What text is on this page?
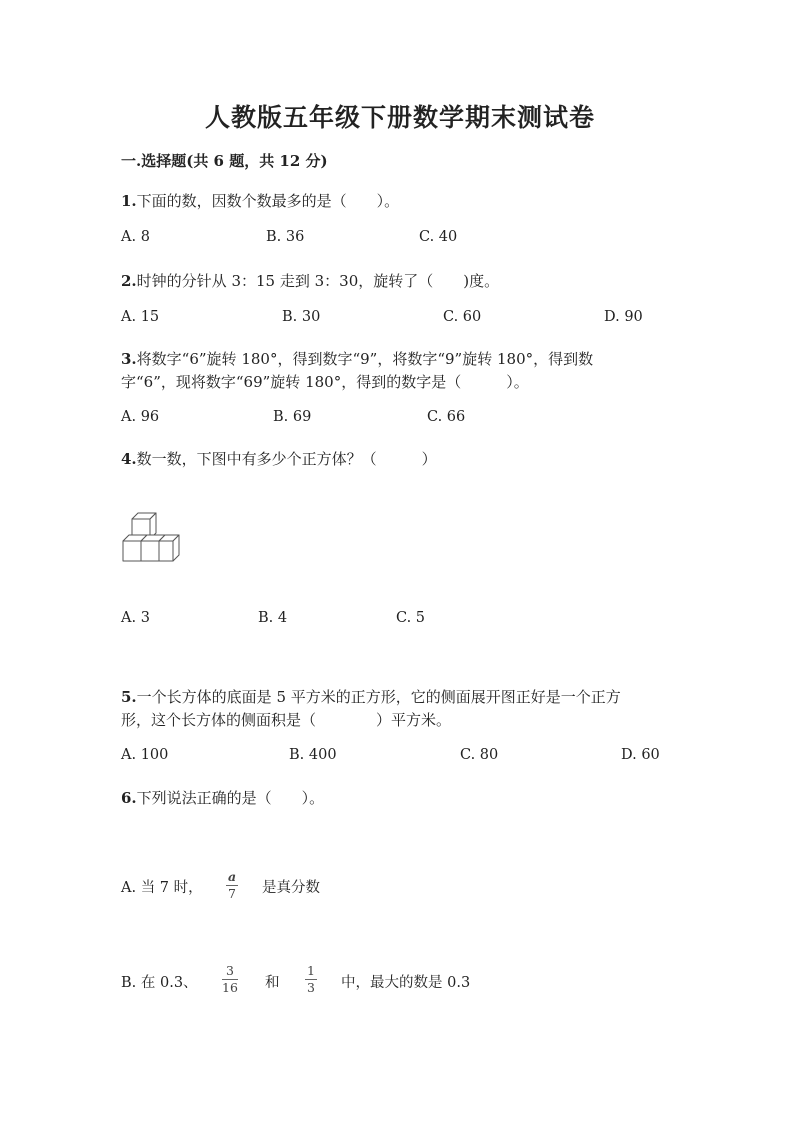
人教版五年级下册数学期末测试卷
一.选择题(共 6 题，共 12 分)
1.下面的数，因数个数最多的是（　　）。
A. 8	B. 36	C. 40
2.时钟的分针从 3：15 走到 3：30，旋转了（　　)度。
A. 15	B. 30	C. 60	D. 90
3.将数字“6”旋转 180°，得到数字“9”，将数字“9”旋转 180°，得到数
字“6”，现将数字“69”旋转 180°，得到的数字是（　　　）。
A. 96	B. 69	C. 66
4.数一数，下图中有多少个正方体？（　　　）
A. 3	B. 4	C. 5
5.一个长方体的底面是 5 平方米的正方形，它的侧面展开图正好是一个正方
形，这个长方体的侧面积是（　　　　）平方米。
A. 100	B. 400	C. 80	D. 60
6.下列说法正确的是（　　）。
A. 当 7 时，
a
7 是真分数
B. 在 0.3、
3
16 和
1
3 中，最大的数是 0.3
